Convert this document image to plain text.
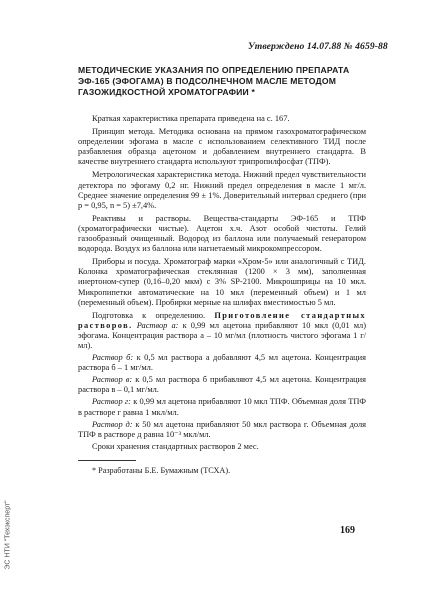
Утверждено 14.07.88 № 4659-88
МЕТОДИЧЕСКИЕ УКАЗАНИЯ ПО ОПРЕДЕЛЕНИЮ ПРЕПАРАТА ЭФ-165 (ЭФОГАМА) В ПОДСОЛНЕЧНОМ МАСЛЕ МЕТОДОМ ГАЗОЖИДКОСТНОЙ ХРОМАТОГРАФИИ *

Краткая характеристика препарата приведена на с. 167.

Принцип метода. Методика основана на прямом газохроматографическом определении эфогама в масле с использованием селективного ТИД после разбавления образца ацетоном и добавлением внутреннего стандарта. В качестве внутреннего стандарта используют трипропилфосфат (ТПФ).

Метрологическая характеристика метода. Нижний предел чувствительности детектора по эфогаму 0,2 нг. Нижний предел определения в масле 1 мг/л. Среднее значение определения 99 ± 1%. Доверительный интервал среднего (при р = 0,95, n = 5) ±7,4%.

Реактивы и растворы. Вещества-стандарты ЭФ-165 и ТПФ (хроматографически чистые). Ацетон х.ч. Азот особой чистоты. Гелий газообразный очищенный. Водород из баллона или получаемый генератором водорода. Воздух из баллона или нагнетаемый микрокомпрессором.

Приборы и посуда. Хроматограф марки «Хром-5» или аналогичный с ТИД. Колонка хроматографическая стеклянная (1200 × 3 мм), заполненная инертоном-супер (0,16–0,20 мкм) с 3% SP-2100. Микрошприцы на 10 мкл. Микропипетки автоматические на 10 мкл (переменный объем) и 1 мл (переменный объем). Пробирки мерные на шлифах вместимостью 5 мл.

Подготовка к определению. Приготовление стандартных растворов. Раствор а: к 0,99 мл ацетона прибавляют 10 мкл (0,01 мл) эфогама. Концентрация раствора а – 10 мг/мл (плотность чистого эфогама 1 г/мл).

Раствор б: к 0,5 мл раствора а добавляют 4,5 мл ацетона. Концентрация раствора б – 1 мг/мл.

Раствор в: к 0,5 мл раствора б прибавляют 4,5 мл ацетона. Концентрация раствора в – 0,1 мг/мл.

Раствор г: к 0,99 мл ацетона прибавляют 10 мкл ТПФ. Объемная доля ТПФ в растворе г равна 1 мкл/мл.

Раствор д: к 50 мл ацетона прибавляют 50 мкл раствора г. Объемная доля ТПФ в растворе д равна 10⁻³ мкл/мл.

Сроки хранения стандартных растворов 2 мес.

* Разработаны Б.Е. Бумажным (ТСХА).
169
ЭС НТИ "Техэксперт"
